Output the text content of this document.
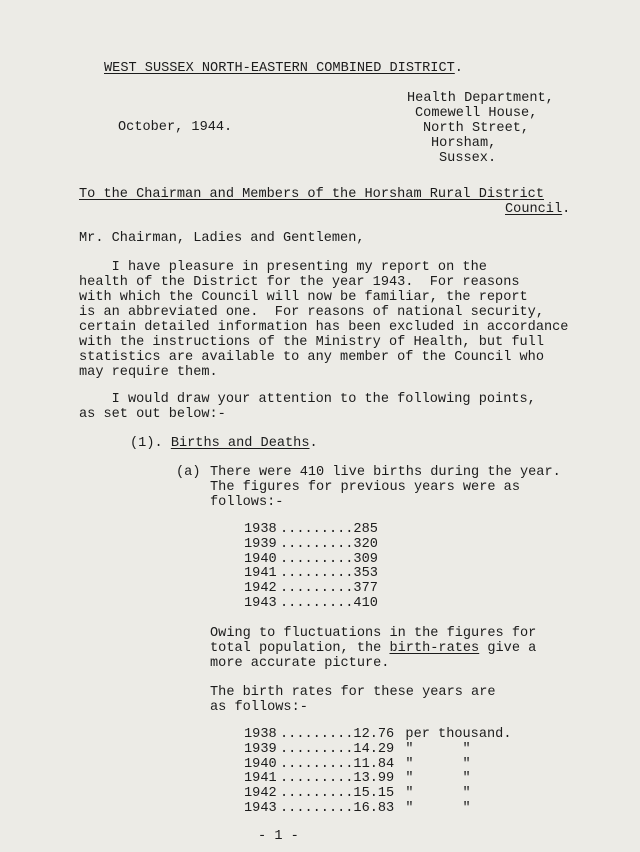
WEST SUSSEX NORTH-EASTERN COMBINED DISTRICT.
October, 1944.
Health Department,
Comewell House,
North Street,
Horsham,
Sussex.
To the Chairman and Members of the Horsham Rural District
Council.
Mr. Chairman, Ladies and Gentlemen,
I have pleasure in presenting my report on the
health of the District for the year 1943.  For reasons
with which the Council will now be familiar, the report
is an abbreviated one.  For reasons of national security,
certain detailed information has been excluded in accordance
with the instructions of the Ministry of Health, but full
statistics are available to any member of the Council who
may require them.
I would draw your attention to the following points,
as set out below:-
(1). Births and Deaths.
(a) There were 410 live births during the year.
The figures for previous years were as
follows:-
1938	.........	285
1939	.........	320
1940	.........	309
1941	.........	353
1942	.........	377
1943	.........	410
Owing to fluctuations in the figures for
total population, the birth-rates give a
more accurate picture.
The birth rates for these years are
as follows:-
1938	.........	12.76	per thousand.
1939	.........	14.29	"      "
1940	.........	11.84	"      "
1941	.........	13.99	"      "
1942	.........	15.15	"      "
1943	.........	16.83	"      "
- 1 -
